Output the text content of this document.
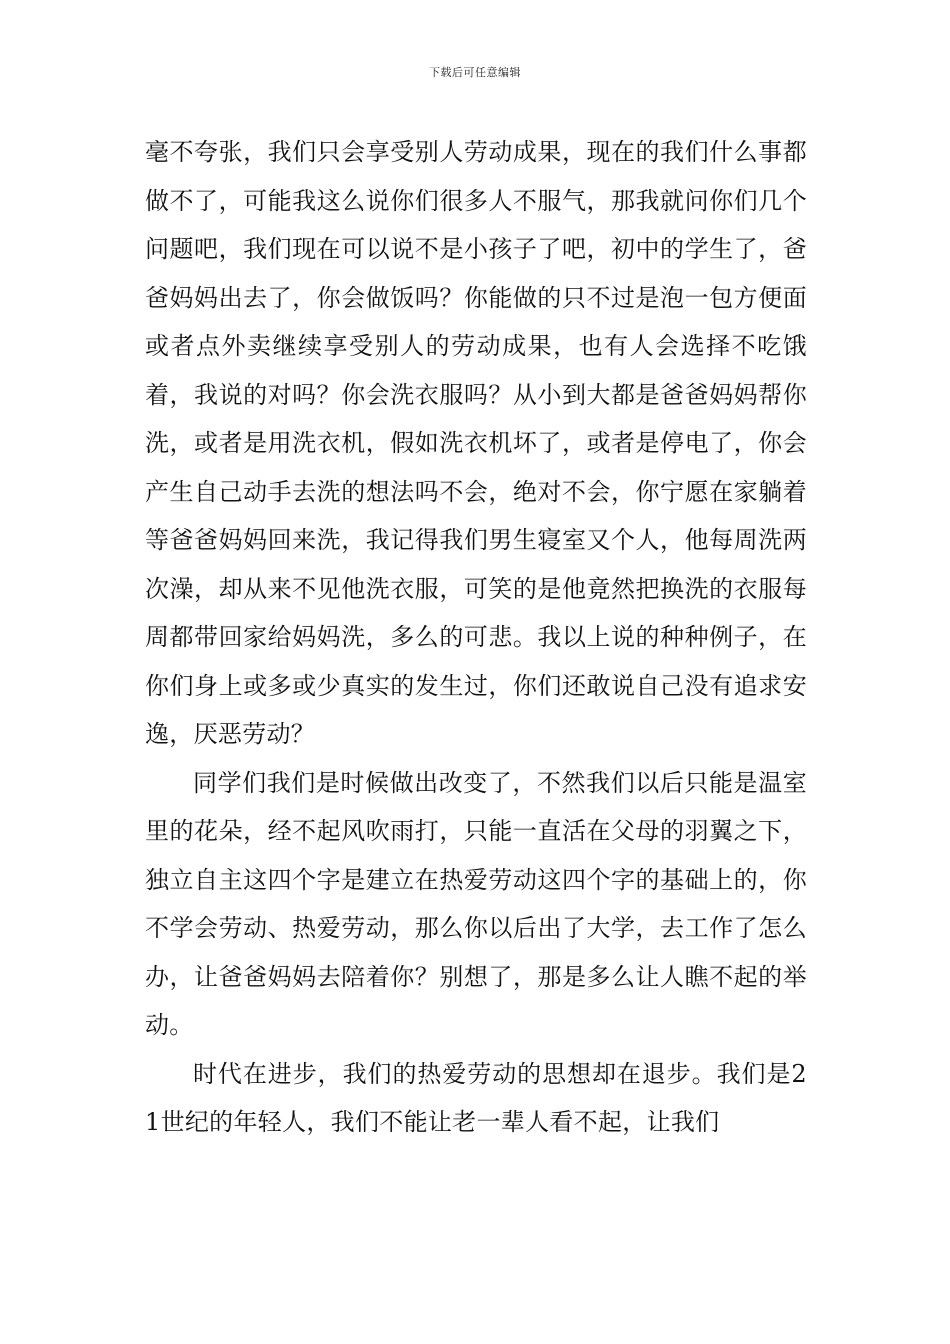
下载后可任意编辑

毫不夸张，我们只会享受别人劳动成果，现在的我们什么事都做不了，可能我这么说你们很多人不服气，那我就问你们几个问题吧，我们现在可以说不是小孩子了吧，初中的学生了，爸爸妈妈出去了，你会做饭吗？你能做的只不过是泡一包方便面或者点外卖继续享受别人的劳动成果，也有人会选择不吃饿着，我说的对吗？你会洗衣服吗？从小到大都是爸爸妈妈帮你洗，或者是用洗衣机，假如洗衣机坏了，或者是停电了，你会产生自己动手去洗的想法吗不会，绝对不会，你宁愿在家躺着等爸爸妈妈回来洗，我记得我们男生寝室又个人，他每周洗两次澡，却从来不见他洗衣服，可笑的是他竟然把换洗的衣服每周都带回家给妈妈洗，多么的可悲。我以上说的种种例子，在你们身上或多或少真实的发生过，你们还敢说自己没有追求安逸，厌恶劳动？

同学们我们是时候做出改变了，不然我们以后只能是温室里的花朵，经不起风吹雨打，只能一直活在父母的羽翼之下，独立自主这四个字是建立在热爱劳动这四个字的基础上的，你不学会劳动、热爱劳动，那么你以后出了大学，去工作了怎么办，让爸爸妈妈去陪着你？别想了，那是多么让人瞧不起的举动。

时代在进步，我们的热爱劳动的思想却在退步。我们是21世纪的年轻人，我们不能让老一辈人看不起，让我们
